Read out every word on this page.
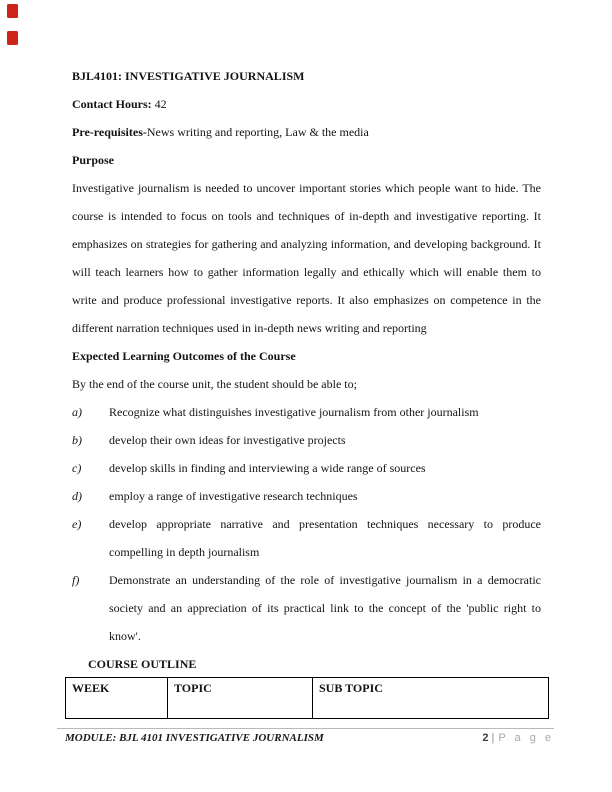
BJL4101: INVESTIGATIVE JOURNALISM
Contact Hours: 42
Pre-requisites-News writing and reporting, Law & the media
Purpose
Investigative journalism is needed to uncover important stories which people want to hide. The
course is intended to focus on tools and techniques of in-depth and investigative reporting. It
emphasizes on strategies for gathering and analyzing information, and developing background. It
will teach learners how to gather information legally and ethically which will enable them to
write and produce professional investigative reports. It also emphasizes on competence in the
different narration techniques used in in-depth news writing and reporting
Expected Learning Outcomes of the Course
By the end of the course unit, the student should be able to;
a) Recognize what distinguishes investigative journalism from other journalism
b) develop their own ideas for investigative projects
c) develop skills in finding and interviewing a wide range of sources
d) employ a range of investigative research techniques
e) develop appropriate narrative and presentation techniques necessary to produce
compelling in depth journalism
f) Demonstrate an understanding of the role of investigative journalism in a democratic
society and an appreciation of its practical link to the concept of the 'public right to
know'.
COURSE OUTLINE
WEEK	TOPIC	SUB TOPIC
MODULE: BJL 4101 INVESTIGATIVE JOURNALISM	2 | P a g e
